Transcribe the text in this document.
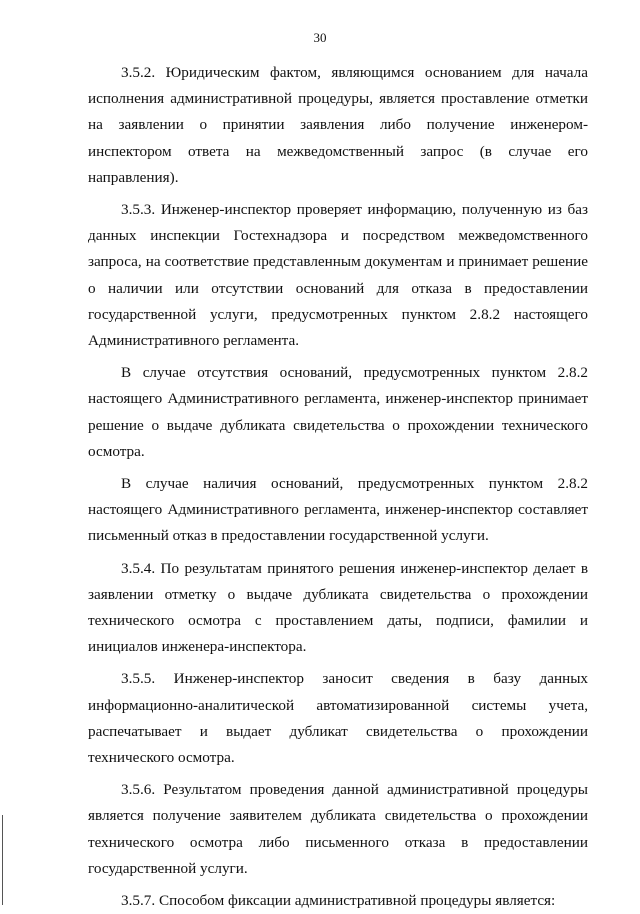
30

3.5.2. Юридическим фактом, являющимся основанием для начала исполнения административной процедуры, является проставление отметки на заявлении о принятии заявления либо получение инженером-инспектором ответа на межведомственный запрос (в случае его направления).

3.5.3. Инженер-инспектор проверяет информацию, полученную из баз данных инспекции Гостехнадзора и посредством межведомственного запроса, на соответствие представленным документам и принимает решение о наличии или отсутствии оснований для отказа в предоставлении государственной услуги, предусмотренных пунктом 2.8.2 настоящего Административного регламента.

В случае отсутствия оснований, предусмотренных пунктом 2.8.2 настоящего Административного регламента, инженер-инспектор принимает решение о выдаче дубликата свидетельства о прохождении технического осмотра.

В случае наличия оснований, предусмотренных пунктом 2.8.2 настоящего Административного регламента, инженер-инспектор составляет письменный отказ в предоставлении государственной услуги.

3.5.4. По результатам принятого решения инженер-инспектор делает в заявлении отметку о выдаче дубликата свидетельства о прохождении технического осмотра с проставлением даты, подписи, фамилии и инициалов инженера-инспектора.

3.5.5. Инженер-инспектор заносит сведения в базу данных информационно-аналитической автоматизированной системы учета, распечатывает и выдает дубликат свидетельства о прохождении технического осмотра.

3.5.6. Результатом проведения данной административной процедуры является получение заявителем дубликата свидетельства о прохождении технического осмотра либо письменного отказа в предоставлении государственной услуги.

3.5.7. Способом фиксации административной процедуры является:
